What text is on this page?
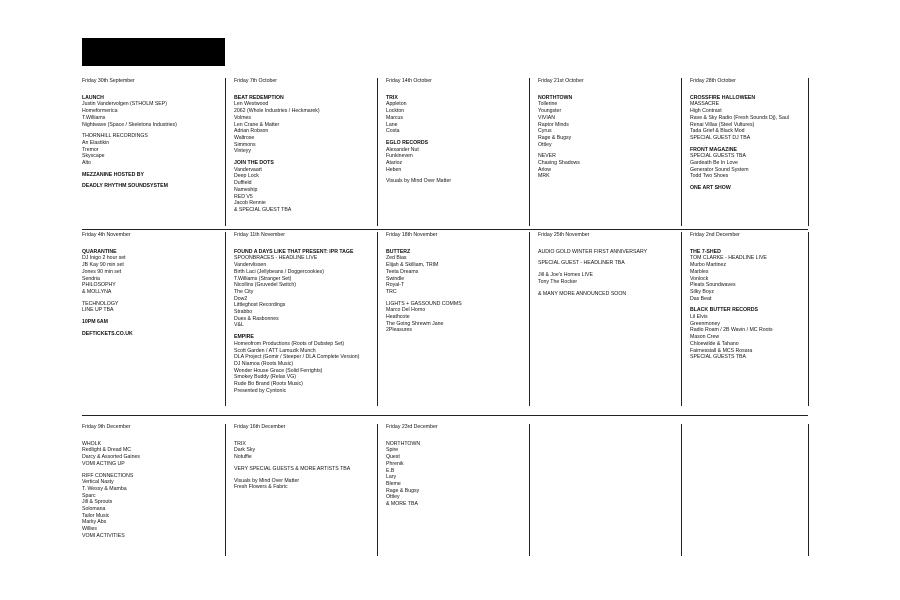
Friday 30th September
LAUNCH
Justin Vandervolgen (STHOLM SEP)
Homeformerica
T.Williams
Nightwave (Space / Skeletons Industries)
THORNHILL RECORDINGS
An Elastikin
Tremor
Skyscape
Alto
MEZZANINE HOSTED BY
DEADLY RHYTHM SOUNDSYSTEM
Friday 7th October
BEAT REDEMPTION
Len Westwood
2062 (Whole Industries / Heckmarek)
Volmes
Len Crane & Matter
Adrian Robson
Waltrose
Simmons
Vinteyy
JOIN THE DOTS
Vandervaart
Deep Lock
Duffield
Nameship
RED V5
Jacob Rennie
& SPECIAL GUEST TBA
Friday 14th October
TRIX
Appleton
Lockton
Marcus
Lane
Costa
EGLO RECORDS
Alexander Nut
Funkineven
Atarioz
Heben
Visuals by Mind Over Matter
Friday 21st October
NORTHTOWN
Tollerine
Youngster
VIVIAN
Raptor Minds
Cyrus
Rage & Bugsy
Ottley
NEVER
Chasing Shadows
Arlow
MRK
Friday 28th October
CROSSFIRE HALLOWEEN
MASSACRE
High Contrast
Rave & Sky Radio (Fresh Sounds Dj), Saul
Renai Villas (Steel Vultures)
Tada Grief & Black Mod
SPECIAL GUEST DJ TBA
FRONT MAGAZINE
SPECIAL GUESTS TBA
Gardeath Be In Love
Generator Sound System
Todd Two Shoes
ONE ART SHOW
Friday 4th November
QUARANTINE
DJ Inigo 2 hour set
JB Kay 90 min set
Jones 90 min set
Sendria
PHILOSOPHY
& MOLLYNA
TECHNOLOGY
LINE UP TBA
10PM 6AM
DEFTICKETS.CO.UK
Friday 11th November
FOUND A DAYS LIKE THAT PRESENT: IPR TAGE
SPOONBRACES - HEADLINE LIVE
Vandervlissen
Birth Laci (Jellybeans / Doggercookies)
T.Williams (Stranger Set)
Nicollins (Gruvedel Switch)
The City
Dow2
Littleghost Recordings
Strabbo
Dues & Rasbonnes
V&L
EMPIRE
Homeofrom Productions (Roots of Dubstep Set)
Scott Garden / ATT Lamuzik Munch
DLA Project (Gomir / Steeper / DLA Complete Version)
DJ Niamoa (Roots Music)
Wonder House Grace (Solid Ferrights)
Smokey Buddy (Relax VG)
Rude Bo Brand (Roots Music)
Presented by Cyntonic
Friday 18th November
BUTTERZ
Zed Bias
Elijah & Skilliam, TRIM
Teeta Dreams
Swindle
Royal-T
TRC
LIGHTS + GASSOUND COMMS
Marco Del Horno
Heathcote
The Going Shrewm Jane
2Pleasures
Friday 25th November
AUDIO GOLD WINTER FIRST ANNIVERSARY
SPECIAL GUEST - HEADLINER TBA
Jill & Joe's Homes LIVE
Tony The Rocker
& MANY MORE ANNOUNCED SOON
Friday 2nd December
THE 7-SHED
TOM CLARKE - HEADLINE LIVE
Murbo Martinez
Marbles
Vonlock
Pleats Soundwaves
Silky Boyz
Das Beat
BLACK BUTTER RECORDS
Lil Elvis
Greenmoney
Radio Roam / 2B Wavin / MC Roots
Mason Crew
Chloewilde & Tahano
Fairnessiall & MCS Rosara
SPECIAL GUESTS TBA
Friday 9th December
WHOLK
Redlight & Dread MC
Darcy & Assorted Gaines
VOMI ACTING UP
RIFF CONNECTIONS
Vertical Nasty
T. Wessy & Mamba
Sparc
Jill & Sprouts
Solomana
Tailor Music
Marky Abs
Willies
VOMI ACTIVITIES
Friday 16th December
TRIX
Dark Sky
Notuffie
VERY SPECIAL GUESTS & MORE ARTISTS TBA
Visuals by Mind Over Matter
Fresh Flowers & Fabric
Friday 23rd December
NORTHTOWN
Spire
Quest
Phrenik
E.B
Lary
Bleme
Rage & Bugsy
Ottley
& MORE TBA
